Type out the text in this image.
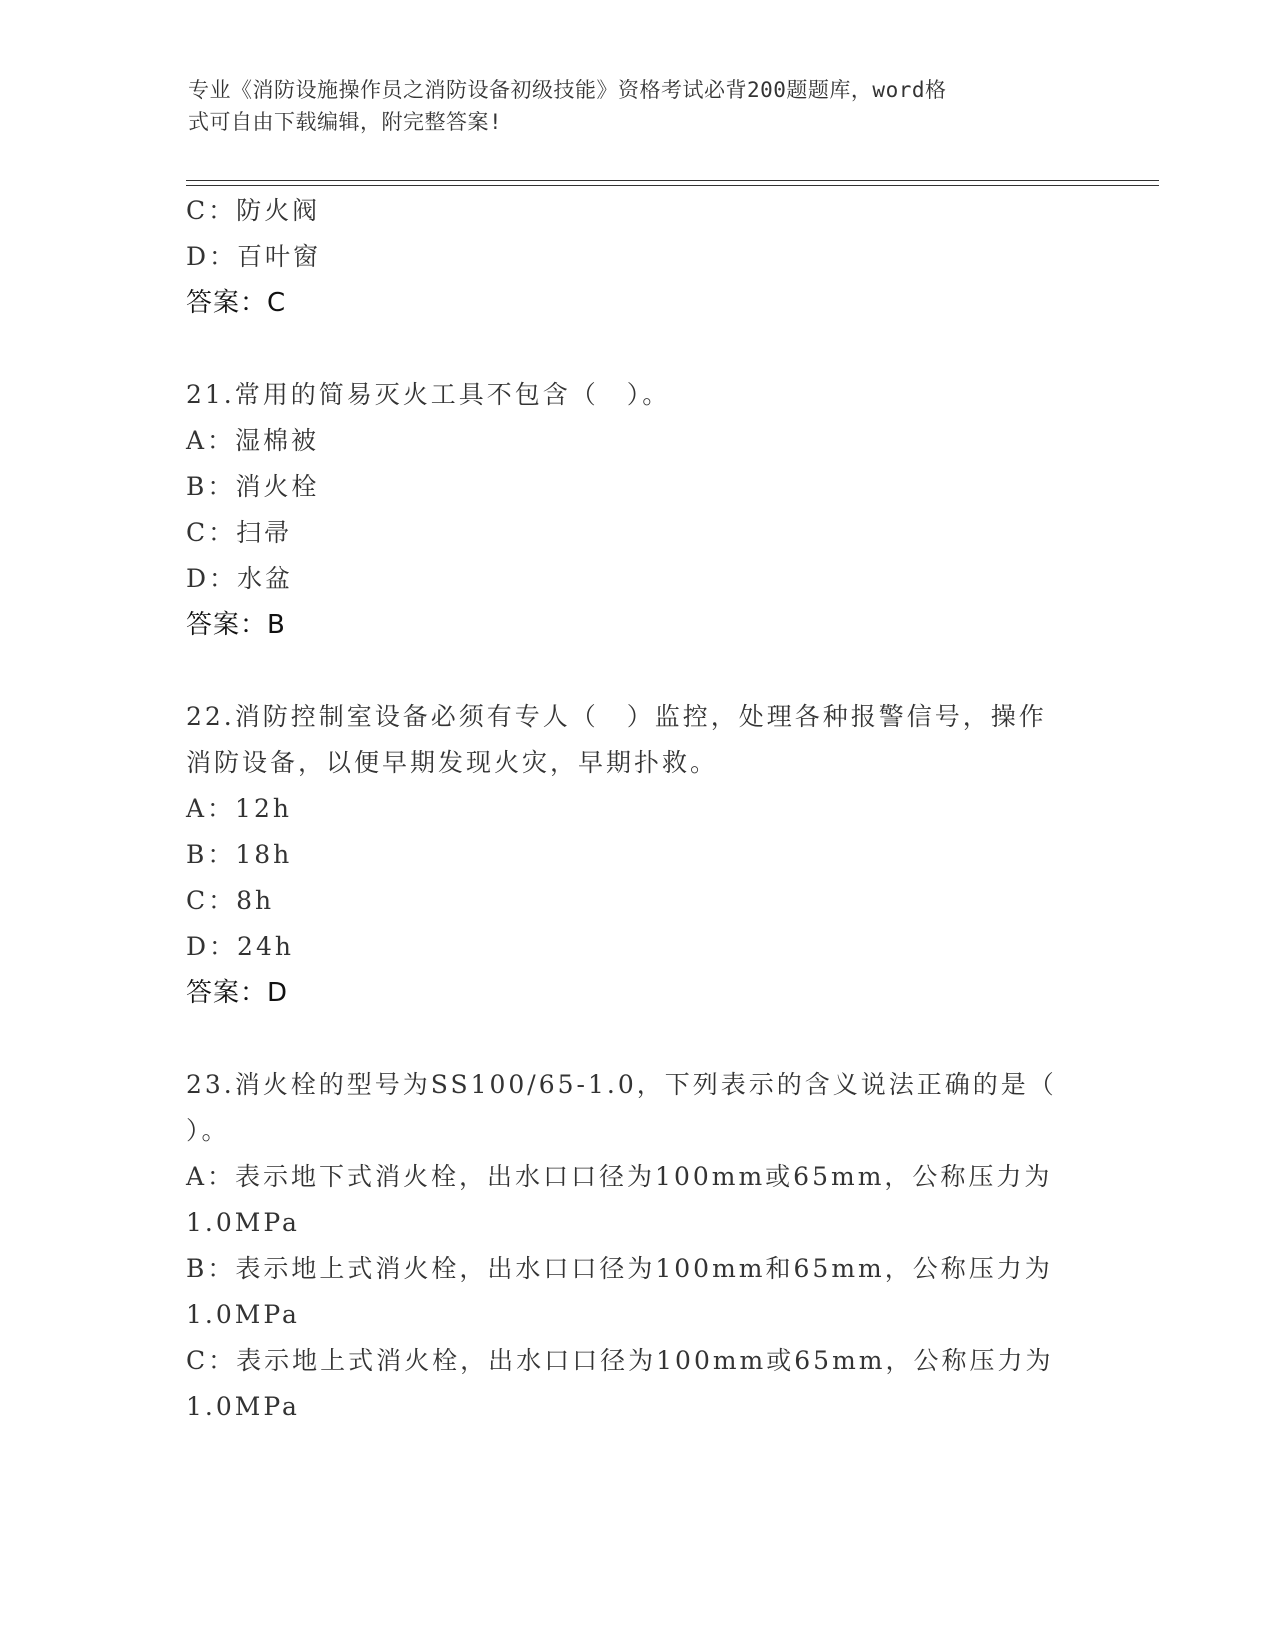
专业《消防设施操作员之消防设备初级技能》资格考试必背200题题库，word格
式可自由下载编辑，附完整答案!
C：防火阀
D：百叶窗
答案：C
21.常用的简易灭火工具不包含（　）。
A：湿棉被
B：消火栓
C：扫帚
D：水盆
答案：B
22.消防控制室设备必须有专人（　）监控，处理各种报警信号，操作
消防设备，以便早期发现火灾，早期扑救。
A：12h
B：18h
C：8h
D：24h
答案：D
23.消火栓的型号为SS100/65-1.0，下列表示的含义说法正确的是（
）。
A：表示地下式消火栓，出水口口径为100mm或65mm，公称压力为
1.0MPa
B：表示地上式消火栓，出水口口径为100mm和65mm，公称压力为
1.0MPa
C：表示地上式消火栓，出水口口径为100mm或65mm，公称压力为
1.0MPa
